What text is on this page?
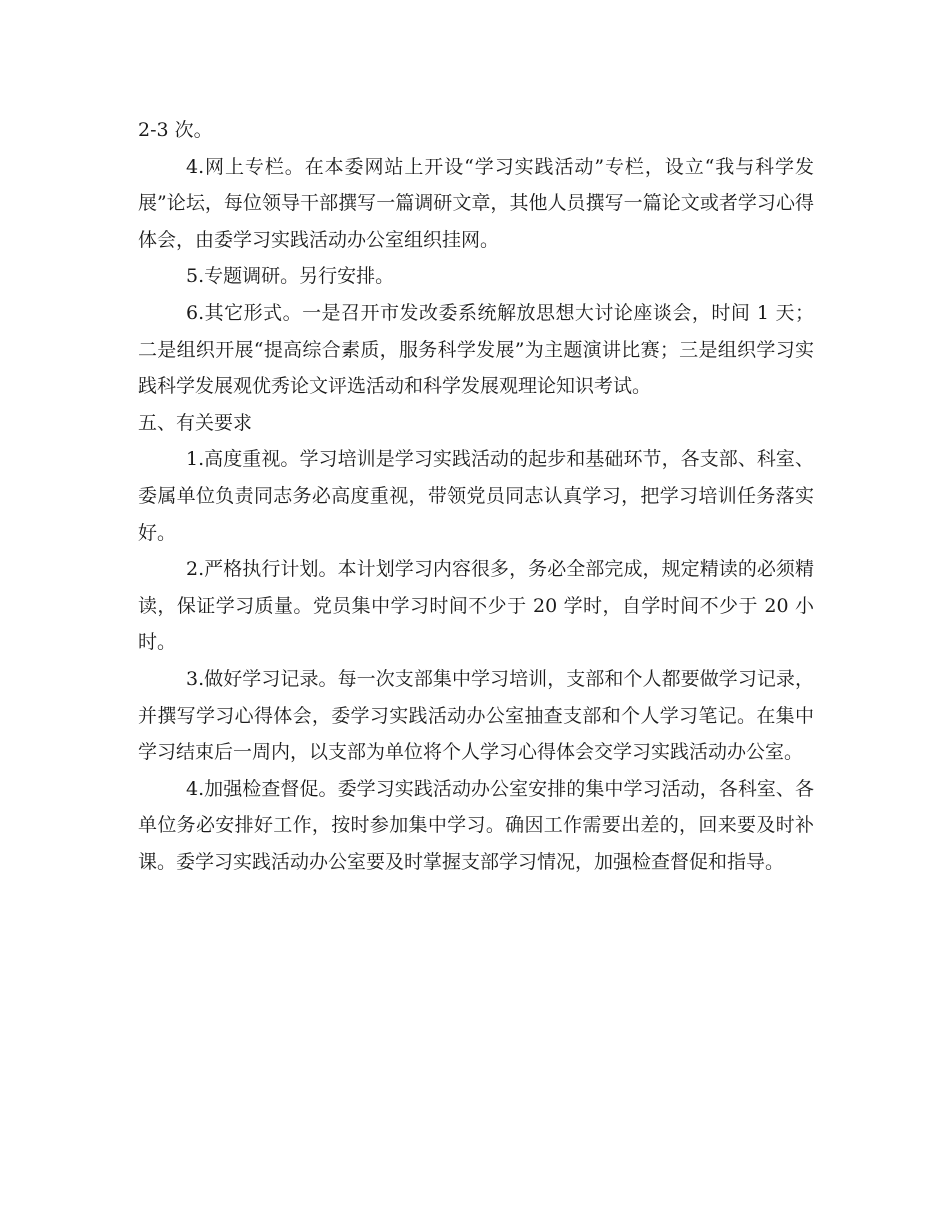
2-3 次。

4.网上专栏。在本委网站上开设“学习实践活动”专栏，设立“我与科学发展”论坛，每位领导干部撰写一篇调研文章，其他人员撰写一篇论文或者学习心得体会，由委学习实践活动办公室组织挂网。

5.专题调研。另行安排。

6.其它形式。一是召开市发改委系统解放思想大讨论座谈会，时间 1 天；二是组织开展“提高综合素质，服务科学发展”为主题演讲比赛；三是组织学习实践科学发展观优秀论文评选活动和科学发展观理论知识考试。

五、有关要求

1.高度重视。学习培训是学习实践活动的起步和基础环节，各支部、科室、委属单位负责同志务必高度重视，带领党员同志认真学习，把学习培训任务落实好。

2.严格执行计划。本计划学习内容很多，务必全部完成，规定精读的必须精读，保证学习质量。党员集中学习时间不少于 20 学时，自学时间不少于 20 小时。

3.做好学习记录。每一次支部集中学习培训，支部和个人都要做学习记录，并撰写学习心得体会，委学习实践活动办公室抽查支部和个人学习笔记。在集中学习结束后一周内，以支部为单位将个人学习心得体会交学习实践活动办公室。

4.加强检查督促。委学习实践活动办公室安排的集中学习活动，各科室、各单位务必安排好工作，按时参加集中学习。确因工作需要出差的，回来要及时补课。委学习实践活动办公室要及时掌握支部学习情况，加强检查督促和指导。
